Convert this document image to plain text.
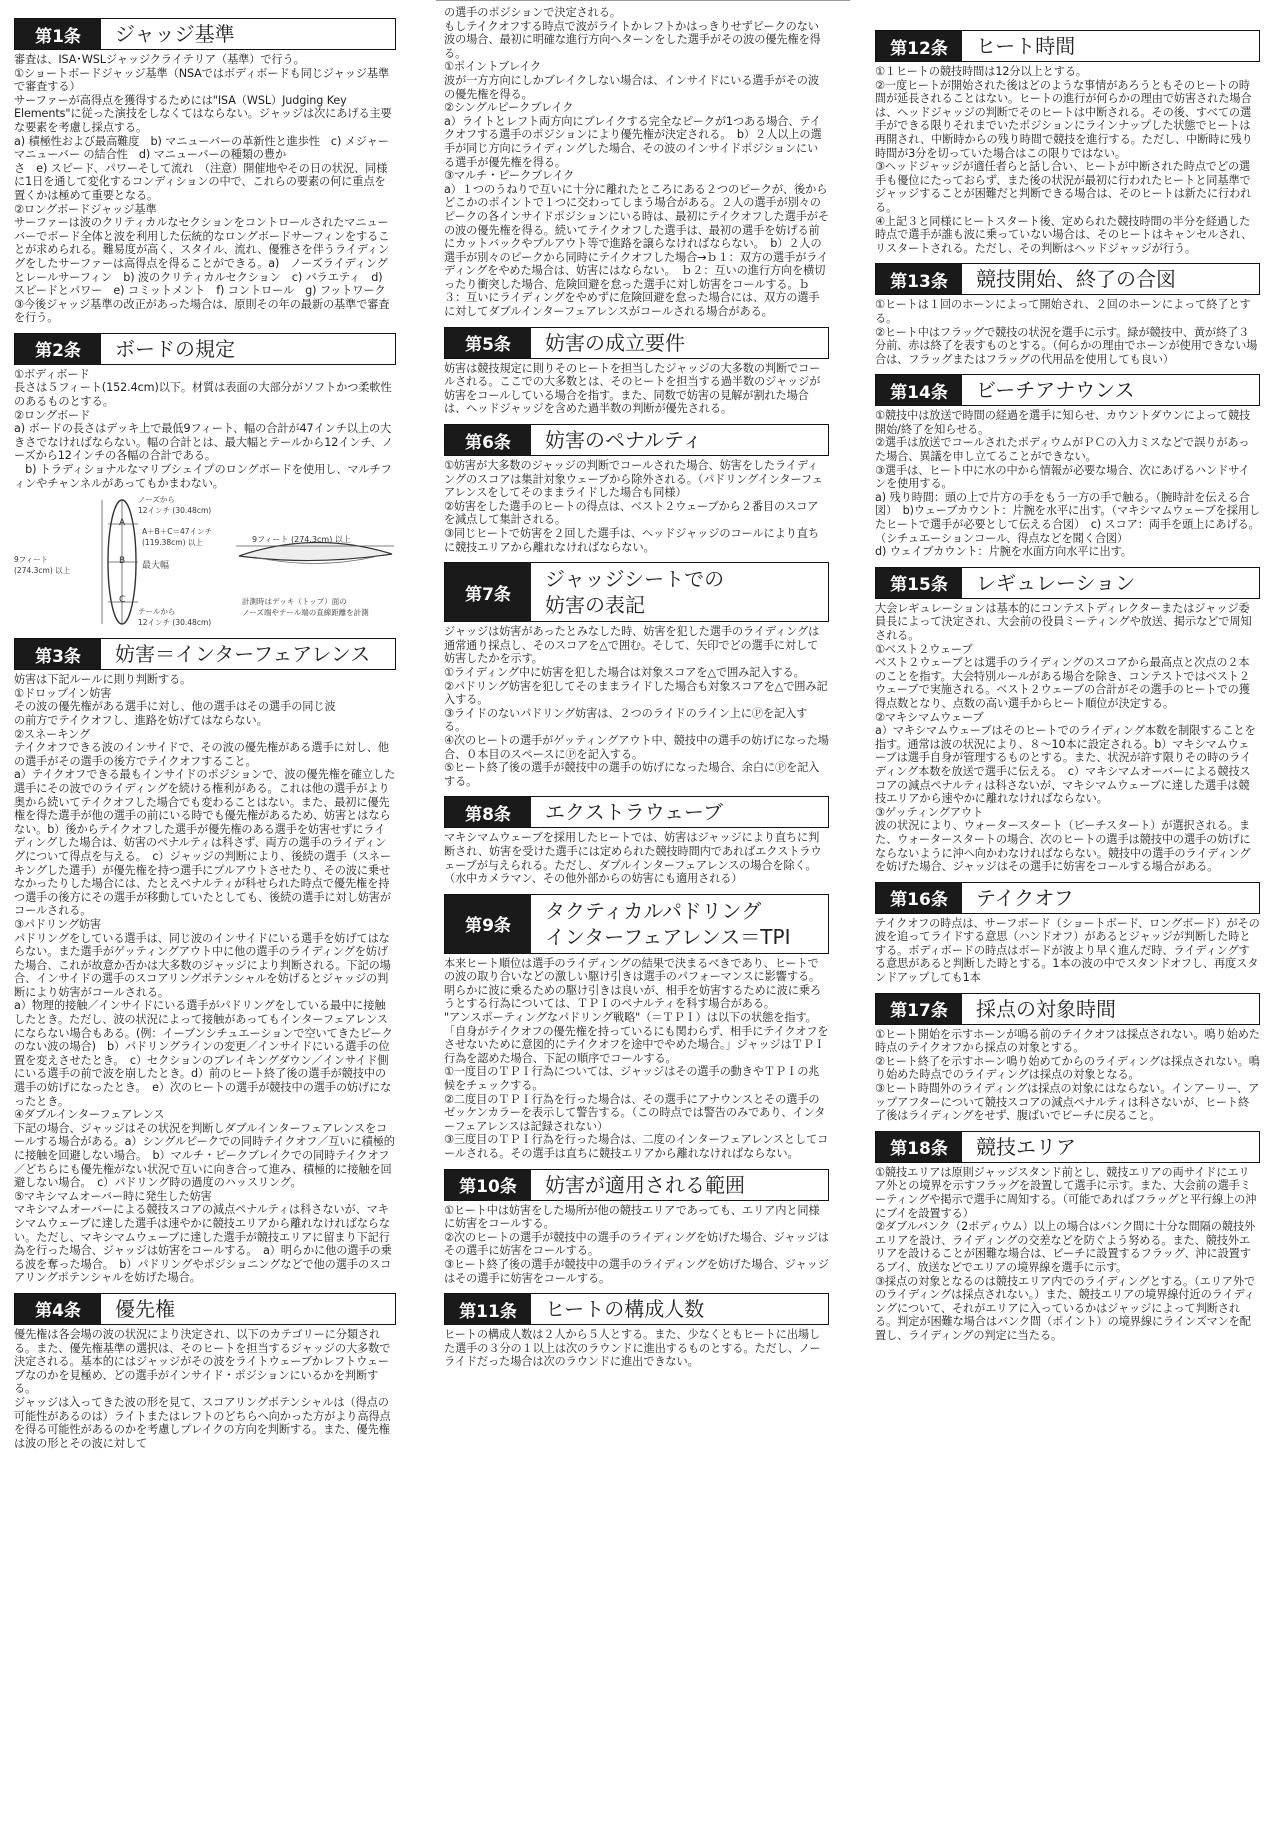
第1条	ジャッジ基準
審査は、ISA･WSLジャッジクライテリア（基準）で行う。
①ショートボードジャッジ基準（NSAではボディボードも同じジャッジ基準で審査する）
サーファーが高得点を獲得するためには"ISA（WSL）Judging Key Elements"に従った演技をしなくてはならない。ジャッジは次にあげる主要な要素を考慮し採点する。
a) 積極性および最高難度　b) マニューバーの革新性と進歩性　c) メジャーマニューバー の結合性　d) マニューバーの種類の豊か
さ　e) スピード、パワーそして流れ　（注意）開催地やその日の状況、同様に1日を通して変化するコンディションの中で、これらの要素の何に重点を置くかは極めて重要となる。
②ロングボードジャッジ基準
サーファーは波のクリティカルなセクションをコントロールされたマニューバーでボード全体と波を利用した伝統的なロングボードサーフィンをすることが求められる。難易度が高く、スタイル、流れ、優雅さを伴うライディングをしたサーファーは高得点を得ることができる。a)　ノーズライディングとレールサーフィン　b) 波のクリティカルセクション　c) バラエティ　d) スピードとパワー　e) コミットメント　f) コントロール　g) フットワーク
③今後ジャッジ基準の改正があった場合は、原則その年の最新の基準で審査を行う。
第2条	ボードの規定
①ボディボード
長さは５フィート(152.4cm)以下。材質は表面の大部分がソフトかつ柔軟性のあるものとする。
②ロングボード
a) ボードの長さはデッキ上で最低9フィート、幅の合計が47インチ以上の大きさでなければならない。幅の合計とは、最大幅とテールから12インチ、ノーズから12インチの各幅の合計である。
　b) トラディショナルなマリブシェイプのロングボードを使用し、マルチフィンやチャンネルがあってもかまわない。
ノーズから
12インチ (30.48cm)
A＋B＋C＝47インチ
(119.38cm) 以上
A
B
C
最大幅
9フィート
(274.3cm) 以上
テールから
12インチ (30.48cm)
9フィート (274.3cm) 以上
計測時はデッキ（トップ）面の
ノーズ端やテール端の直線距離を計測
第3条	妨害＝インターフェアレンス
妨害は下記ルールに則り判断する。
①ドロップイン妨害
その波の優先権がある選手に対し、他の選手はその選手の同じ波
の前方でテイクオフし、進路を妨げてはならない。
②スネーキング
テイクオフできる波のインサイドで、その波の優先権がある選手に対し、他の選手がその選手の後方でテイクオフすること。
a）テイクオフできる最もインサイドのポジションで、波の優先権を確立した選手にその波でのライディングを続ける権利がある。これは他の選手がより奥から続いてテイクオフした場合でも変わることはない。また、最初に優先権を得た選手が他の選手の前にいる時でも優先権があるため、妨害とはならない。b）後からテイクオフした選手が優先権のある選手を妨害せずにライディングした場合は、妨害のペナルティは科さず、両方の選手のライディングについて得点を与える。　c）ジャッジの判断により、後続の選手（スネーキングした選手）が優先権を持つ選手にプルアウトさせたり、その波に乗せなかったりした場合には、たとえペナルティが科せられた時点で優先権を持つ選手の後方にその選手が移動していたとしても、後続の選手に対し妨害がコールされる。
③パドリング妨害
パドリングをしている選手は、同じ波のインサイドにいる選手を妨げてはならない。また選手がゲッティングアウト中に他の選手のライディングを妨げた場合、これが故意か否かは大多数のジャッジにより判断される。下記の場合、インサイドの選手のスコアリングポテンシャルを妨げるとジャッジの判断により妨害がコールされる。
a）物理的接触／インサイドにいる選手がパドリングをしている最中に接触したとき。ただし、波の状況によって接触があってもインターフェアレンスにならない場合もある。(例：イーブンシチュエーションで空いてきたピークのない波の場合)　b）パドリングラインの変更／インサイドにいる選手の位置を変えさせたとき。　c）セクションのブレイキングダウン／インサイド側にいる選手の前で波を崩したとき。d）前のヒート終了後の選手が競技中の選手の妨げになったとき。　e）次のヒートの選手が競技中の選手の妨げになったとき。
④ダブルインターフェアレンス
下記の場合、ジャッジはその状況を判断しダブルインターフェアレンスをコールする場合がある。a）シングルピークでの同時テイクオフ／互いに積極的に接触を回避しない場合。　b）マルチ・ピークブレイクでの同時テイクオフ／どちらにも優先権がない状況で互いに向き合って進み、積極的に接触を回避しない場合。　c）パドリング時の過度のハッスリング。
⑤マキシマムオーバー時に発生した妨害
マキシマムオーバーによる競技スコアの減点ペナルティは科さないが、マキシマムウェーブに達した選手は速やかに競技エリアから離れなければならない。ただし、マキシマムウェーブに達した選手が競技エリアに留まり下記行為を行った場合、ジャッジは妨害をコールする。　a）明らかに他の選手の乗る波を奪った場合。　b）パドリングやポジショニングなどで他の選手のスコアリングポテンシャルを妨げた場合。
第4条	優先権
優先権は各会場の波の状況により決定され、以下のカテゴリーに分類される。また、優先権基準の選択は、そのヒートを担当するジャッジの大多数で決定される。基本的にはジャッジがその波をライトウェーブかレフトウェーブなのかを見極め、どの選手がインサイド・ポジションにいるかを判断する。
ジャッジは入ってきた波の形を見て、スコアリングポテンシャルは（得点の可能性があるのは）ライトまたはレフトのどちらへ向かった方がより高得点を得る可能性があるのかを考慮しプレイクの方向を判断する。また、優先権は波の形とその波に対して
の選手のポジションで決定される。
もしテイクオフする時点で波がライトかレフトかはっきりせずピークのない波の場合、最初に明確な進行方向へターンをした選手がその波の優先権を得る。
①ポイントブレイク
波が一方方向にしかブレイクしない場合は、インサイドにいる選手がその波の優先権を得る。
②シングルピークブレイク
a）ライトとレフト両方向にブレイクする完全なピークが1つある場合、テイクオフする選手のポジションにより優先権が決定される。　b）２人以上の選手が同じ方向にライディングした場合、その波のインサイドポジションにいる選手が優先権を得る。
③マルチ・ピークブレイク
a）１つのうねりで互いに十分に離れたところにある２つのピークが、後からどこかのポイントで１つに交わってしまう場合がある。２人の選手が別々のピークの各インサイドポジションにいる時は、最初にテイクオフした選手がその波の優先権を得る。続いてテイクオフした選手は、最初の選手を妨げる前にカットバックやプルアウト等で進路を譲らなければならない。　b）２人の選手が別々のピークから同時にテイクオフした場合→ｂ１：双方の選手がライディングをやめた場合は、妨害にはならない。　ｂ２：互いの進行方向を横切ったり衝突した場合、危険回避を怠った選手に対し妨害をコールする。ｂ３：互いにライディングをやめずに危険回避を怠った場合には、双方の選手に対してダブルインターフェアレンスがコールされる場合がある。
第5条	妨害の成立要件
妨害は競技規定に則りそのヒートを担当したジャッジの大多数の判断でコールされる。ここでの大多数とは、そのヒートを担当する過半数のジャッジが妨害をコールしている場合を指す。また、同数で妨害の見解が割れた場合は、ヘッドジャッジを含めた過半数の判断が優先される。
第6条	妨害のペナルティ
①妨害が大多数のジャッジの判断でコールされた場合、妨害をしたライディングのスコアは集計対象ウェーブから除外される。（パドリングインターフェアレンスをしてそのままライドした場合も同様）
②妨害をした選手のヒートの得点は、ベスト２ウェーブから２番目のスコアを減点して集計される。
③同じヒートで妨害を２回した選手は、ヘッドジャッジのコールにより直ちに競技エリアから離れなければならない。
第7条
ジャッジシートでの
妨害の表記
ジャッジは妨害があったとみなした時、妨害を犯した選手のライディングは通常通り採点し、そのスコアを△で囲む。そして、矢印でどの選手に対して妨害したかを示す。
①ライディング中に妨害を犯した場合は対象スコアを△で囲み記入する。
②パドリング妨害を犯してそのままライドした場合も対象スコアを△で囲み記入する。
③ライドのないパドリング妨害は、２つのライドのライン上にⓅを記入する。
④次のヒートの選手がゲッティングアウト中、競技中の選手の妨げになった場合、０本目のスペースにⓅを記入する。
⑤ヒート終了後の選手が競技中の選手の妨げになった場合、余白にⓅを記入する。
第8条	エクストラウェーブ
マキシマムウェーブを採用したヒートでは、妨害はジャッジにより直ちに判断され、妨害を受けた選手には定められた競技時間内であればエクストラウェーブが与えられる。ただし、ダブルインターフェアレンスの場合を除く。（水中カメラマン、その他外部からの妨害にも適用される）
第9条
タクティカルパドリング
インターフェアレンス＝TPI
本来ヒート順位は選手のライディングの結果で決まるべきであり、ヒートでの波の取り合いなどの激しい駆け引きは選手のパフォーマンスに影響する。明らかに波に乗るための駆け引きは良いが、相手を妨害するために波に乗ろうとする行為については、ＴＰＩのペナルティを科す場合がある。
"アンスポーティングなパドリング戦略"（＝ＴＰＩ）は以下の状態を指す。「自身がテイクオフの優先権を持っているにも関わらず、相手にテイクオフをさせないために意図的にテイクオフを途中でやめた場合。」ジャッジはＴＰＩ行為を認めた場合、下記の順序でコールする。
①一度目のＴＰＩ行為については、ジャッジはその選手の動きやＴＰＩの兆候をチェックする。
②二度目のＴＰＩ行為を行った場合は、その選手にアナウンスとその選手のゼッケンカラーを表示して警告する。（この時点では警告のみであり、インターフェアレンスは記録されない）
③三度目のＴＰＩ行為を行った場合は、二度のインターフェアレンスとしてコールされる。その選手は直ちに競技エリアから離れなければならない。
第10条	妨害が適用される範囲
①ヒート中は妨害をした場所が他の競技エリアであっても、エリア内と同様に妨害をコールする。
②次のヒートの選手が競技中の選手のライディングを妨げた場合、ジャッジはその選手に妨害をコールする。
③ヒート終了後の選手が競技中の選手のライディングを妨げた場合、ジャッジはその選手に妨害をコールする。
第11条	ヒートの構成人数
ヒートの構成人数は２人から５人とする。また、少なくともヒートに出場した選手の３分の１以上は次のラウンドに進出するものとする。ただし、ノーライドだった場合は次のラウンドに進出できない。
第12条	ヒート時間
①１ヒートの競技時間は12分以上とする。
②一度ヒートが開始された後はどのような事情があろうともそのヒートの時間が延長されることはない。ヒートの進行が何らかの理由で妨害された場合は、ヘッドジャッジの判断でそのヒートは中断される。その後、すべての選手ができる限りそれまでいたポジションにラインナップした状態でヒートは再開され、中断時からの残り時間で競技を進行する。ただし、中断時に残り時間が3分を切っていた場合はこの限りではない。
③ヘッドジャッジが適任者らと話し合い、ヒートが中断された時点でどの選手も優位にたっておらず、また後の状況が最初に行われたヒートと同基準でジャッジすることが困難だと判断できる場合は、そのヒートは新たに行われる。
④上記３と同様にヒートスタート後、定められた競技時間の半分を経過した時点で選手が誰も波に乗っていない場合は、そのヒートはキャンセルされ、リスタートされる。ただし、その判断はヘッドジャッジが行う。
第13条	競技開始、終了の合図
①ヒートは１回のホーンによって開始され、２回のホーンによって終了とする。
②ヒート中はフラッグで競技の状況を選手に示す。緑が競技中、黄が終了３分前、赤は終了を表すものとする。（何らかの理由でホーンが使用できない場合は、フラッグまたはフラッグの代用品を使用しても良い）
第14条	ビーチアナウンス
①競技中は放送で時間の経過を選手に知らせ、カウントダウンによって競技開始/終了を知らせる。
②選手は放送でコールされたポディウムがＰＣの入力ミスなどで誤りがあった場合、異議を申し立てることができない。
③選手は、ヒート中に水の中から情報が必要な場合、次にあげるハンドサインを使用する。
a) 残り時間：頭の上で片方の手をもう一方の手で触る。（腕時計を伝える合図）　b)ウェーブカウント：片腕を水平に出す。（マキシマムウェーブを採用したヒートで選手が必要として伝える合図）　c) スコア：両手を頭上にあげる。（シチュエーションコール、得点などを聞く合図）
d) ウェイブカウント：片腕を水面方向水平に出す。
第15条	レギュレーション
大会レギュレーションは基本的にコンテストディレクターまたはジャッジ委員長によって決定され、大会前の役員ミーティングや放送、掲示などで周知される。
①ベスト２ウェーブ
ベスト２ウェーブとは選手のライディングのスコアから最高点と次点の２本のことを指す。大会特別ルールがある場合を除き、コンテストではベスト２ウェーブで実施される。ベスト２ウェーブの合計がその選手のヒートでの獲得点数となり、点数の高い選手からヒート順位が決定する。
②マキシマムウェーブ
a）マキシマムウェーブはそのヒートでのライディング本数を制限することを指す。通常は波の状況により、８～10本に設定される。b）マキシマムウェーブは選手自身が管理するものとする。また、状況が許す限りその時のライディング本数を放送で選手に伝える。　c）マキシマムオーバーによる競技スコアの減点ペナルティは科さないが、マキシマムウェーブに達した選手は競技エリアから速やかに離れなければならない。
③ゲッティングアウト
波の状況により、ウォータースタート（ビーチスタート）が選択される。また、ウォータースタートの場合、次のヒートの選手は競技中の選手の妨げにならないように沖へ向かわなければならない。競技中の選手のライディングを妨げた場合、ジャッジはその選手に妨害をコールする場合がある。
第16条	テイクオフ
テイクオフの時点は、サーフボード（ショートボード、ロングボード）がその波を追ってライドする意思（ハンドオフ）があるとジャッジが判断した時とする。ボディボードの時点はボードが波より早く進んだ時、ライディングする意思があると判断した時とする。1本の波の中でスタンドオフし、再度スタンドアップしても1本
第17条	採点の対象時間
①ヒート開始を示すホーンが鳴る前のテイクオフは採点されない。鳴り始めた時点のテイクオフから採点の対象とする。
②ヒート終了を示すホーン鳴り始めてからのライディングは採点されない。鳴り始めた時点でのライディングは採点の対象となる。
③ヒート時間外のライディングは採点の対象にはならない。インアーリー、アップアフターについて競技スコアの減点ペナルティは科さないが、ヒート終了後はライディングをせず、腹ばいでビーチに戻ること。
第18条	競技エリア
①競技エリアは原則ジャッジスタンド前とし、競技エリアの両サイドにエリア外との境界を示すフラッグを設置して選手に示す。また、大会前の選手ミーティングや掲示で選手に周知する。（可能であればフラッグと平行線上の沖にブイを設置する）
②ダブルバンク（2ポディウム）以上の場合はバンク間に十分な間隔の競技外エリアを設け、ライディングの交差などを防ぐよう努める。また、競技外エリアを設けることが困難な場合は、ビーチに設置するフラッグ、沖に設置するブイ、放送などでエリアの境界線を選手に示す。
③採点の対象となるのは競技エリア内でのライディングとする。（エリア外でのライディングは採点されない。）また、競技エリアの境界線付近のライディングについて、それがエリアに入っているかはジャッジによって判断される。判定が困難な場合はバンク間（ポイント）の境界線にラインズマンを配置し、ライディングの判定に当たる。
